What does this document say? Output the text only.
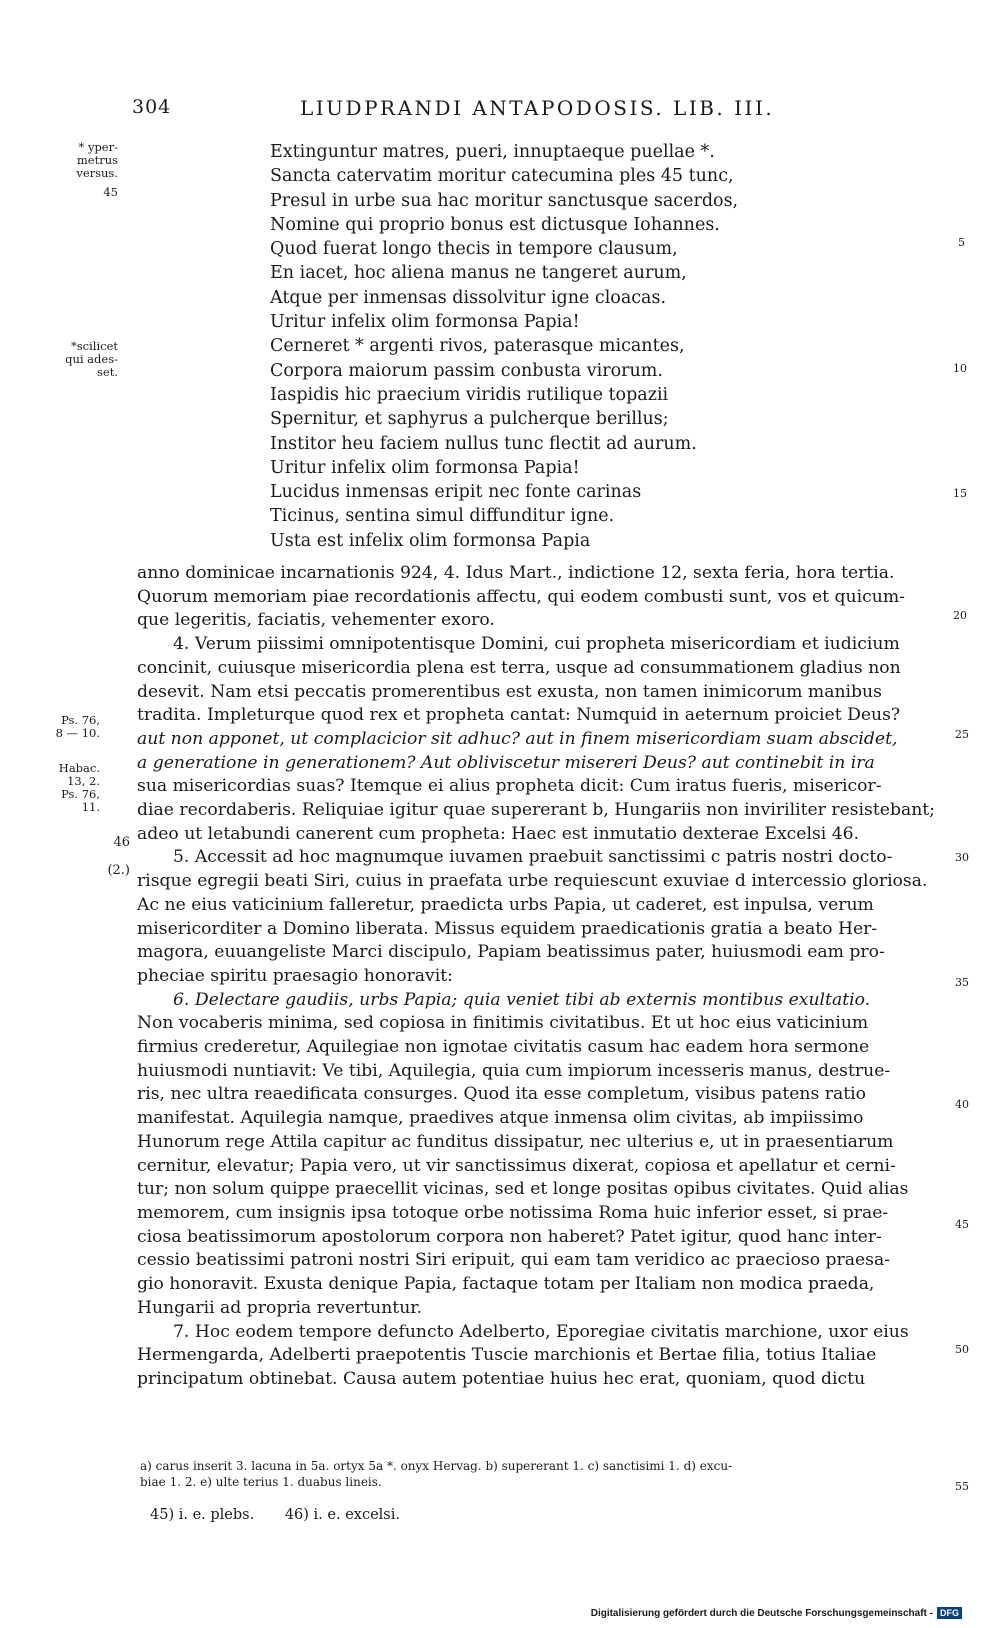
304	LIUDPRANDI ANTAPODOSIS. LIB. III.
* yper-
metrus
versus.
45
*scilicet
qui ades-
set.
Ps. 76,
8 — 10.
Habac.
13, 2.
Ps. 76,
11.
46
(2.)
5
10
15
20
25
30
35
40
45
50
55
Extinguntur matres, pueri, innuptaeque puellae *.
Sancta catervatim moritur catecumina ples 45 tunc,
Presul in urbe sua hac moritur sanctusque sacerdos,
Nomine qui proprio bonus est dictusque Iohannes.
Quod fuerat longo thecis in tempore clausum,
En iacet, hoc aliena manus ne tangeret aurum,
Atque per inmensas dissolvitur igne cloacas.
Uritur infelix olim formonsa Papia!
Cerneret * argenti rivos, paterasque micantes,
Corpora maiorum passim conbusta virorum.
Iaspidis hic praecium viridis rutilique topazii
Spernitur, et saphyrus a pulcherque berillus;
Institor heu faciem nullus tunc flectit ad aurum.
Uritur infelix olim formonsa Papia!
Lucidus inmensas eripit nec fonte carinas
Ticinus, sentina simul diffunditur igne.
Usta est infelix olim formonsa Papia
anno dominicae incarnationis 924, 4. Idus Mart., indictione 12, sexta feria, hora tertia.
Quorum memoriam piae recordationis affectu, qui eodem combusti sunt, vos et quicum-
que legeritis, faciatis, vehementer exoro.
4. Verum piissimi omnipotentisque Domini, cui propheta misericordiam et iudicium
concinit, cuiusque misericordia plena est terra, usque ad consummationem gladius non
desevit. Nam etsi peccatis promerentibus est exusta, non tamen inimicorum manibus
tradita. Impleturque quod rex et propheta cantat: Numquid in aeternum proiciet Deus?
aut non apponet, ut complacicior sit adhuc? aut in finem misericordiam suam abscidet,
a generatione in generationem? Aut obliviscetur misereri Deus? aut continebit in ira
sua misericordias suas? Itemque ei alius propheta dicit: Cum iratus fueris, misericor-
diae recordaberis. Reliquiae igitur quae supererant b, Hungariis non inviriliter resistebant;
adeo ut letabundi canerent cum propheta: Haec est inmutatio dexterae Excelsi 46.
5. Accessit ad hoc magnumque iuvamen praebuit sanctissimi c patris nostri docto-
risque egregii beati Siri, cuius in praefata urbe requiescunt exuviae d intercessio gloriosa.
Ac ne eius vaticinium falleretur, praedicta urbs Papia, ut caderet, est inpulsa, verum
misericorditer a Domino liberata. Missus equidem praedicationis gratia a beato Her-
magora, euuangeliste Marci discipulo, Papiam beatissimus pater, huiusmodi eam pro-
pheciae spiritu praesagio honoravit:
6. Delectare gaudiis, urbs Papia; quia veniet tibi ab externis montibus exultatio.
Non vocaberis minima, sed copiosa in finitimis civitatibus. Et ut hoc eius vaticinium
firmius crederetur, Aquilegiae non ignotae civitatis casum hac eadem hora sermone
huiusmodi nuntiavit: Ve tibi, Aquilegia, quia cum impiorum incesseris manus, destrue-
ris, nec ultra reaedificata consurges. Quod ita esse completum, visibus patens ratio
manifestat. Aquilegia namque, praedives atque inmensa olim civitas, ab impiissimo
Hunorum rege Attila capitur ac funditus dissipatur, nec ulterius e, ut in praesentiarum
cernitur, elevatur; Papia vero, ut vir sanctissimus dixerat, copiosa et apellatur et cerni-
tur; non solum quippe praecellit vicinas, sed et longe positas opibus civitates. Quid alias
memorem, cum insignis ipsa totoque orbe notissima Roma huic inferior esset, si prae-
ciosa beatissimorum apostolorum corpora non haberet? Patet igitur, quod hanc inter-
cessio beatissimi patroni nostri Siri eripuit, qui eam tam veridico ac praecioso praesa-
gio honoravit. Exusta denique Papia, factaque totam per Italiam non modica praeda,
Hungarii ad propria revertuntur.
7. Hoc eodem tempore defuncto Adelberto, Eporegiae civitatis marchione, uxor eius
Hermengarda, Adelberti praepotentis Tuscie marchionis et Bertae filia, totius Italiae
principatum obtinebat. Causa autem potentiae huius hec erat, quoniam, quod dictu
a) carus inserit 3. lacuna in 5a. ortyx 5a *. onyx Hervag. b) supererant 1. c) sanctisimi 1. d) excu-
biae 1. 2. e) ulte terius 1. duabus lineis.
45) i. e. plebs. 46) i. e. excelsi.
Digitalisierung gefördert durch die Deutsche Forschungsgemeinschaft - DFG
